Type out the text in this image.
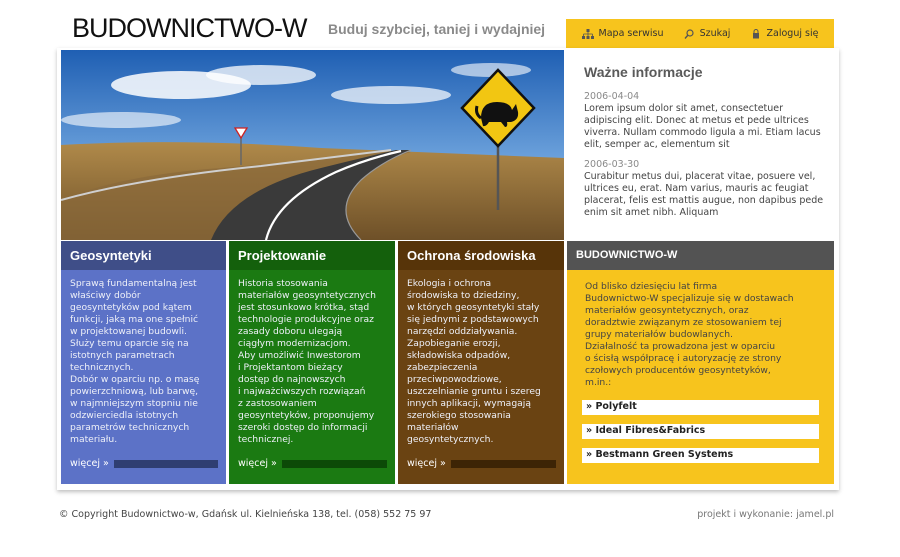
BUDOWNICTWO-W Buduj szybciej, taniej i wydajniej	Mapa serwisu	Szukaj	Zaloguj się
Ważne informacje
2006-04-04
Lorem ipsum dolor sit amet, consectetuer adipiscing elit. Donec at metus et pede ultrices viverra. Nullam commodo ligula a mi. Etiam lacus elit, semper ac, elementum sit
2006-03-30
Curabitur metus dui, placerat vitae, posuere vel, ultrices eu, erat. Nam varius, mauris ac feugiat placerat, felis est mattis augue, non dapibus pede enim sit amet nibh. Aliquam
Geosyntetyki
Sprawą fundamentalną jest
właściwy dobór
geosyntetyków pod kątem
funkcji, jaką ma one spełnić
w projektowanej budowli.
Służy temu oparcie się na
istotnych parametrach
technicznych.
Dobór w oparciu np. o masę
powierzchniową, lub barwę,
w najmniejszym stopniu nie
odzwierciedla istotnych
parametrów technicznych
materiału.
więcej »
Projektowanie
Historia stosowania
materiałów geosyntetycznych
jest stosunkowo krótka, stąd
technologie produkcyjne oraz
zasady doboru ulegają
ciągłym modernizacjom.
Aby umożliwić Inwestorom
i Projektantom bieżący
dostęp do najnowszych
i najważciwszych rozwiązań
z zastosowaniem
geosyntetyków, proponujemy
szeroki dostęp do informacji
technicznej.
więcej »
Ochrona środowiska
Ekologia i ochrona
środowiska to dziedziny,
w których geosyntetyki stały
się jednymi z podstawowych
narzędzi oddziaływania.
Zapobieganie erozji,
składowiska odpadów,
zabezpieczenia
przeciwpowodziowe,
uszczelnianie gruntu i szereg
innych aplikacji, wymagają
szerokiego stosowania
materiałów
geosyntetycznych.
więcej »
BUDOWNICTWO-W
Od blisko dziesięciu lat firma
Budownictwo-W specjalizuje się w dostawach
materiałów geosyntetycznych, oraz
doradztwie związanym ze stosowaniem tej
grupy materiałów budowlanych.
Działalność ta prowadzona jest w oparciu
o ścisłą współpracę i autoryzację ze strony
czołowych producentów geosyntetyków,
m.in.:
» Polyfelt
» Ideal Fibres&Fabrics
» Bestmann Green Systems
© Copyright Budownictwo-w, Gdańsk ul. Kielnieńska 138, tel. (058) 552 75 97	projekt i wykonanie: jamel.pl
